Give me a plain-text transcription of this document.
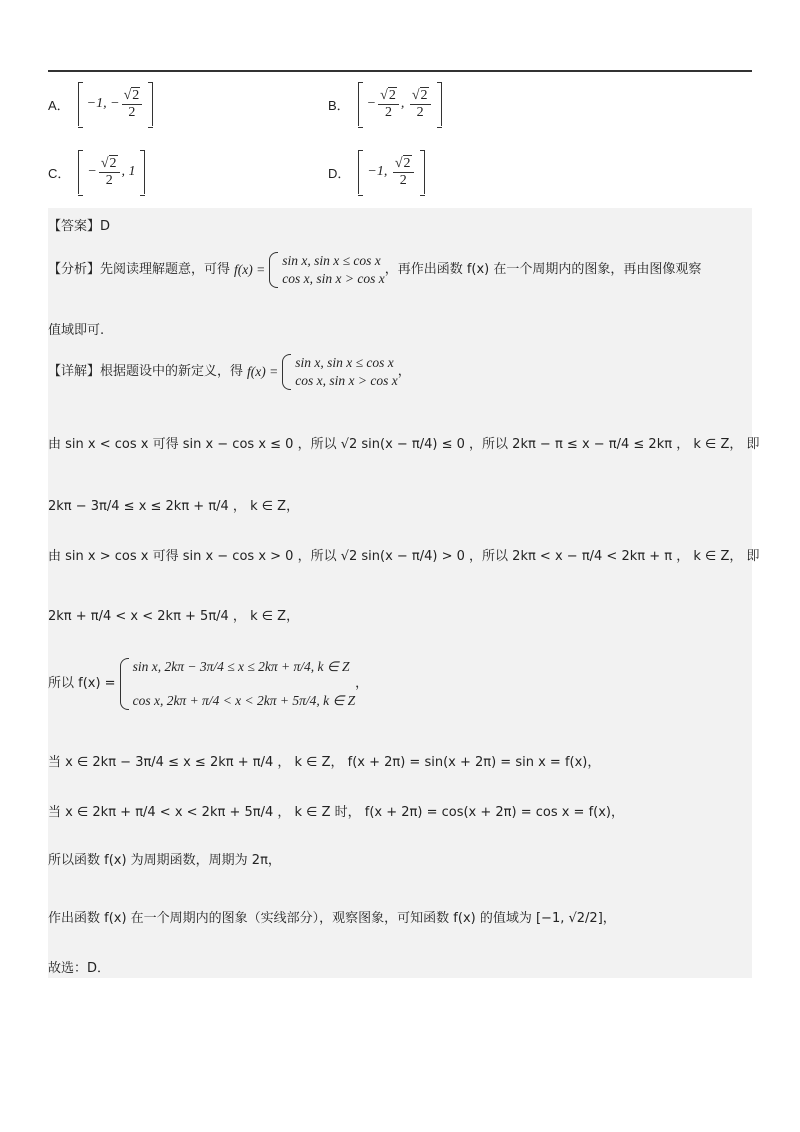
A．	−1, − $\frac{√2}{2}$	B．	− $\frac{√2}{2}$ , $\frac{√2}{2}$
C．	− $\frac{√2}{2}$ , 1	D．	−1, $\frac{√2}{2}$
【答案】D
【分析】先阅读理解题意，可得 f(x) =
sin x, sin x ≤ cos x
cos x, sin x > cos x
，再作出函数 f(x) 在一个周期内的图象，再由图像观察
值域即可.
【详解】根据题设中的新定义，得 f(x) =
sin x, sin x ≤ cos x
cos x, sin x > cos x
，
由 sin x < cos x 可得 sin x − cos x ≤ 0 ，所以 √2 sin(x − π/4) ≤ 0 ，所以 2kπ − π ≤ x − π/4 ≤ 2kπ ， k ∈ Z， 即
2kπ − 3π/4 ≤ x ≤ 2kπ + π/4 ， k ∈ Z，
由 sin x > cos x 可得 sin x − cos x > 0 ，所以 √2 sin(x − π/4) > 0 ，所以 2kπ < x − π/4 < 2kπ + π ， k ∈ Z， 即
2kπ + π/4 < x < 2kπ + 5π/4 ， k ∈ Z，
所以 f(x) =
sin x, 2kπ − 3π/4 ≤ x ≤ 2kπ + π/4, k ∈ Z
cos x, 2kπ + π/4 < x < 2kπ + 5π/4, k ∈ Z
，
当 x ∈ 2kπ − 3π/4 ≤ x ≤ 2kπ + π/4 ， k ∈ Z， f(x + 2π) = sin(x + 2π) = sin x = f(x)，
当 x ∈ 2kπ + π/4 < x < 2kπ + 5π/4 ， k ∈ Z 时， f(x + 2π) = cos(x + 2π) = cos x = f(x)，
所以函数 f(x) 为周期函数，周期为 2π，
作出函数 f(x) 在一个周期内的图象（实线部分），观察图象，可知函数 f(x) 的值域为 [−1, √2/2]，
故选：D．
